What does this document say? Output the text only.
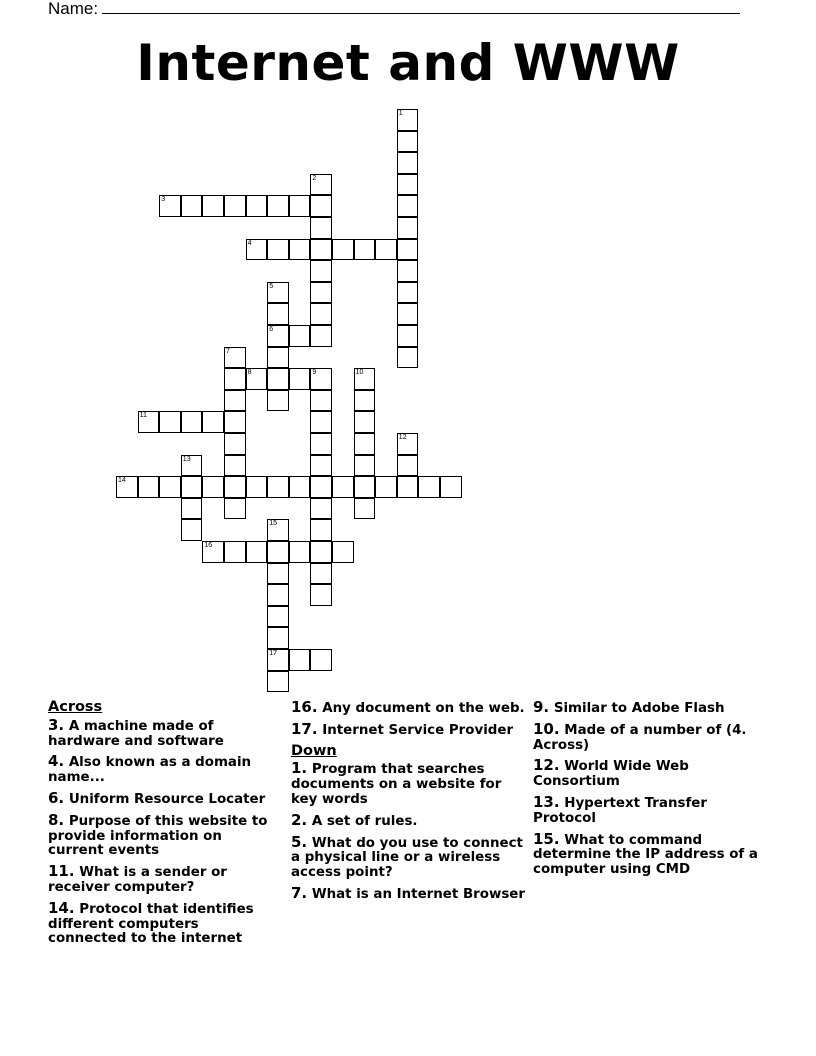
Name:
Internet and WWW
1
2
3
4
5
6
7
8	9	10
11
12
13
14
15
17
16
Across
3. A machine made of hardware and software
4. Also known as a domain name...
6. Uniform Resource Locater
8. Purpose of this website to provide information on current events
11. What is a sender or receiver computer?
14. Protocol that identifies different computers connected to the internet
16. Any document on the web.
17. Internet Service Provider
Down
1. Program that searches documents on a website for key words
2. A set of rules.
5. What do you use to connect a physical line or a wireless access point?
7. What is an Internet Browser
9. Similar to Adobe Flash
10. Made of a number of (4. Across)
12. World Wide Web Consortium
13. Hypertext Transfer Protocol
15. What to command determine the IP address of a computer using CMD
